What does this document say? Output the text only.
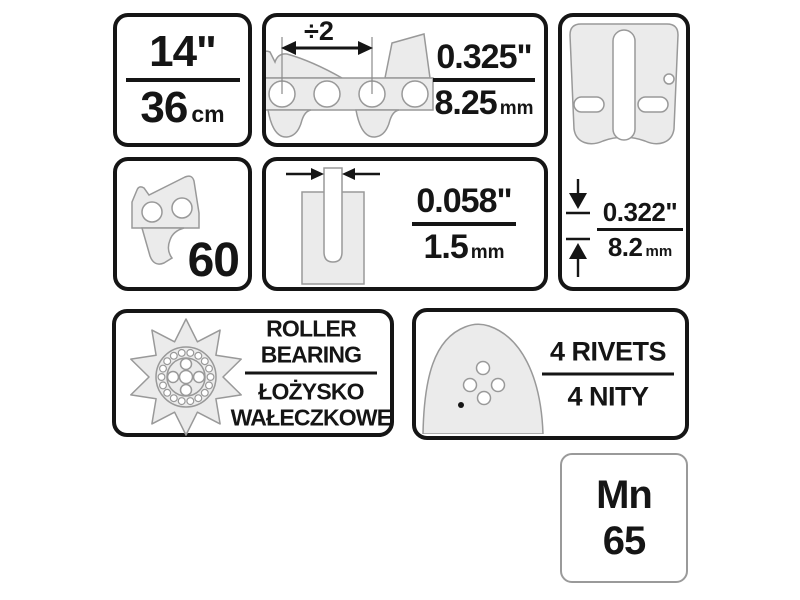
14"
36 cm
÷2
0.325"
8.25 mm
0.322"
8.2 mm
60
0.058"
1.5 mm
ROLLER
BEARING
ŁOŻYSKO
WAŁECZKOWE
4 RIVETS
4 NITY
Mn
65
